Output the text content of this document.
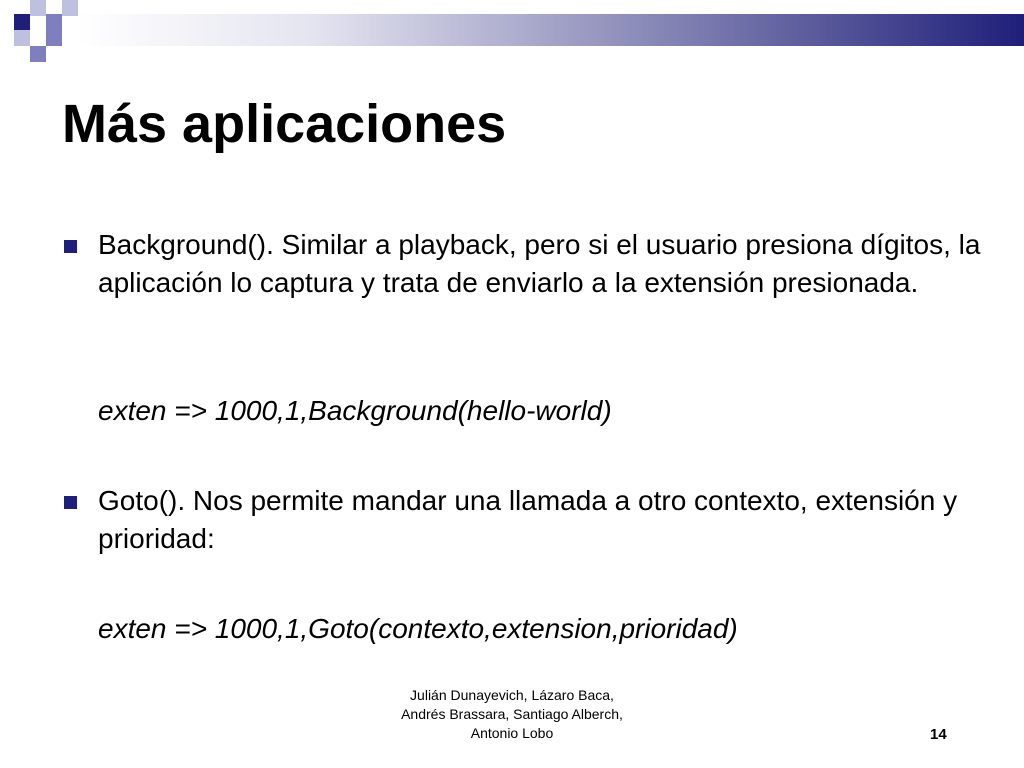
Más aplicaciones
Background(). Similar a playback, pero si el usuario presiona dígitos, la aplicación lo captura y trata de enviarlo a la extensión presionada.
exten => 1000,1,Background(hello-world)
Goto(). Nos permite mandar una llamada a otro contexto, extensión y prioridad:
exten => 1000,1,Goto(contexto,extension,prioridad)
Julián Dunayevich, Lázaro Baca,
Andrés Brassara, Santiago Alberch,
Antonio Lobo	14
